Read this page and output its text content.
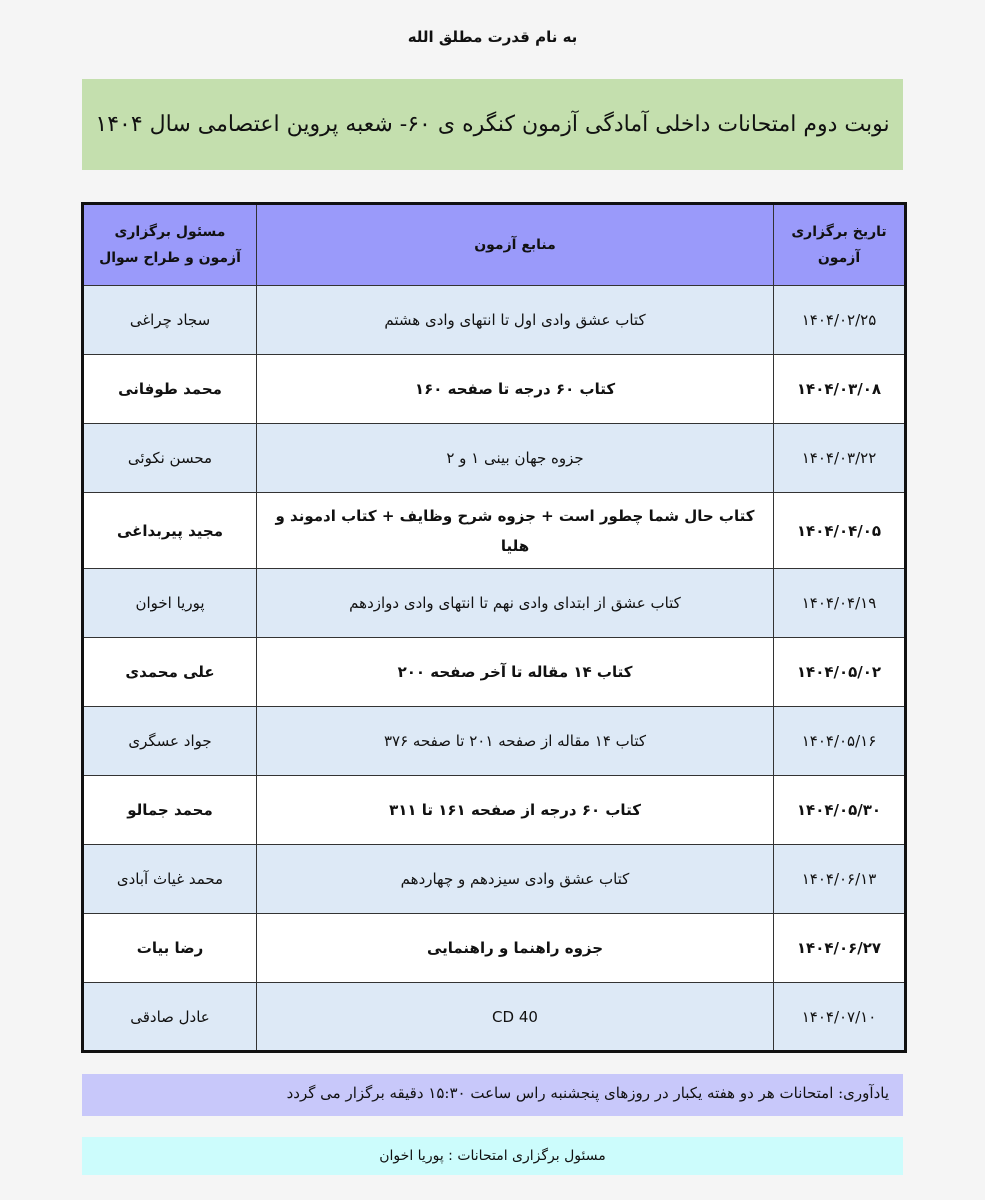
به نام قدرت مطلق الله
نوبت دوم امتحانات داخلی آمادگی آزمون کنگره ی ۶۰- شعبه پروین اعتصامی سال ۱۴۰۴
تاریخ برگزاری آزمون	منابع آزمون	مسئول برگزاری آزمون و طراح سوال
۱۴۰۴/۰۲/۲۵	کتاب عشق وادی اول تا انتهای وادی هشتم	سجاد چراغی
۱۴۰۴/۰۳/۰۸	کتاب ۶۰ درجه تا صفحه ۱۶۰	محمد طوفانی
۱۴۰۴/۰۳/۲۲	جزوه جهان بینی ۱ و ۲	محسن نکوئی
۱۴۰۴/۰۴/۰۵	کتاب حال شما چطور است + جزوه شرح وظایف + کتاب ادموند و هلیا	مجید پیربداغی
۱۴۰۴/۰۴/۱۹	کتاب عشق از ابتدای وادی نهم تا انتهای وادی دوازدهم	پوریا اخوان
۱۴۰۴/۰۵/۰۲	کتاب ۱۴ مقاله تا آخر صفحه ۲۰۰	علی محمدی
۱۴۰۴/۰۵/۱۶	کتاب ۱۴ مقاله از صفحه ۲۰۱ تا صفحه ۳۷۶	جواد عسگری
۱۴۰۴/۰۵/۳۰	کتاب ۶۰ درجه از صفحه ۱۶۱ تا ۳۱۱	محمد جمالو
۱۴۰۴/۰۶/۱۳	کتاب عشق وادی سیزدهم و چهاردهم	محمد غیاث آبادی
۱۴۰۴/۰۶/۲۷	جزوه راهنما و راهنمایی	رضا بیات
۱۴۰۴/۰۷/۱۰	40 CD	عادل صادقی
یادآوری: امتحانات هر دو هفته یکبار در روزهای پنجشنبه راس ساعت ۱۵:۳۰ دقیقه برگزار می گردد
مسئول برگزاری امتحانات : پوریا اخوان
